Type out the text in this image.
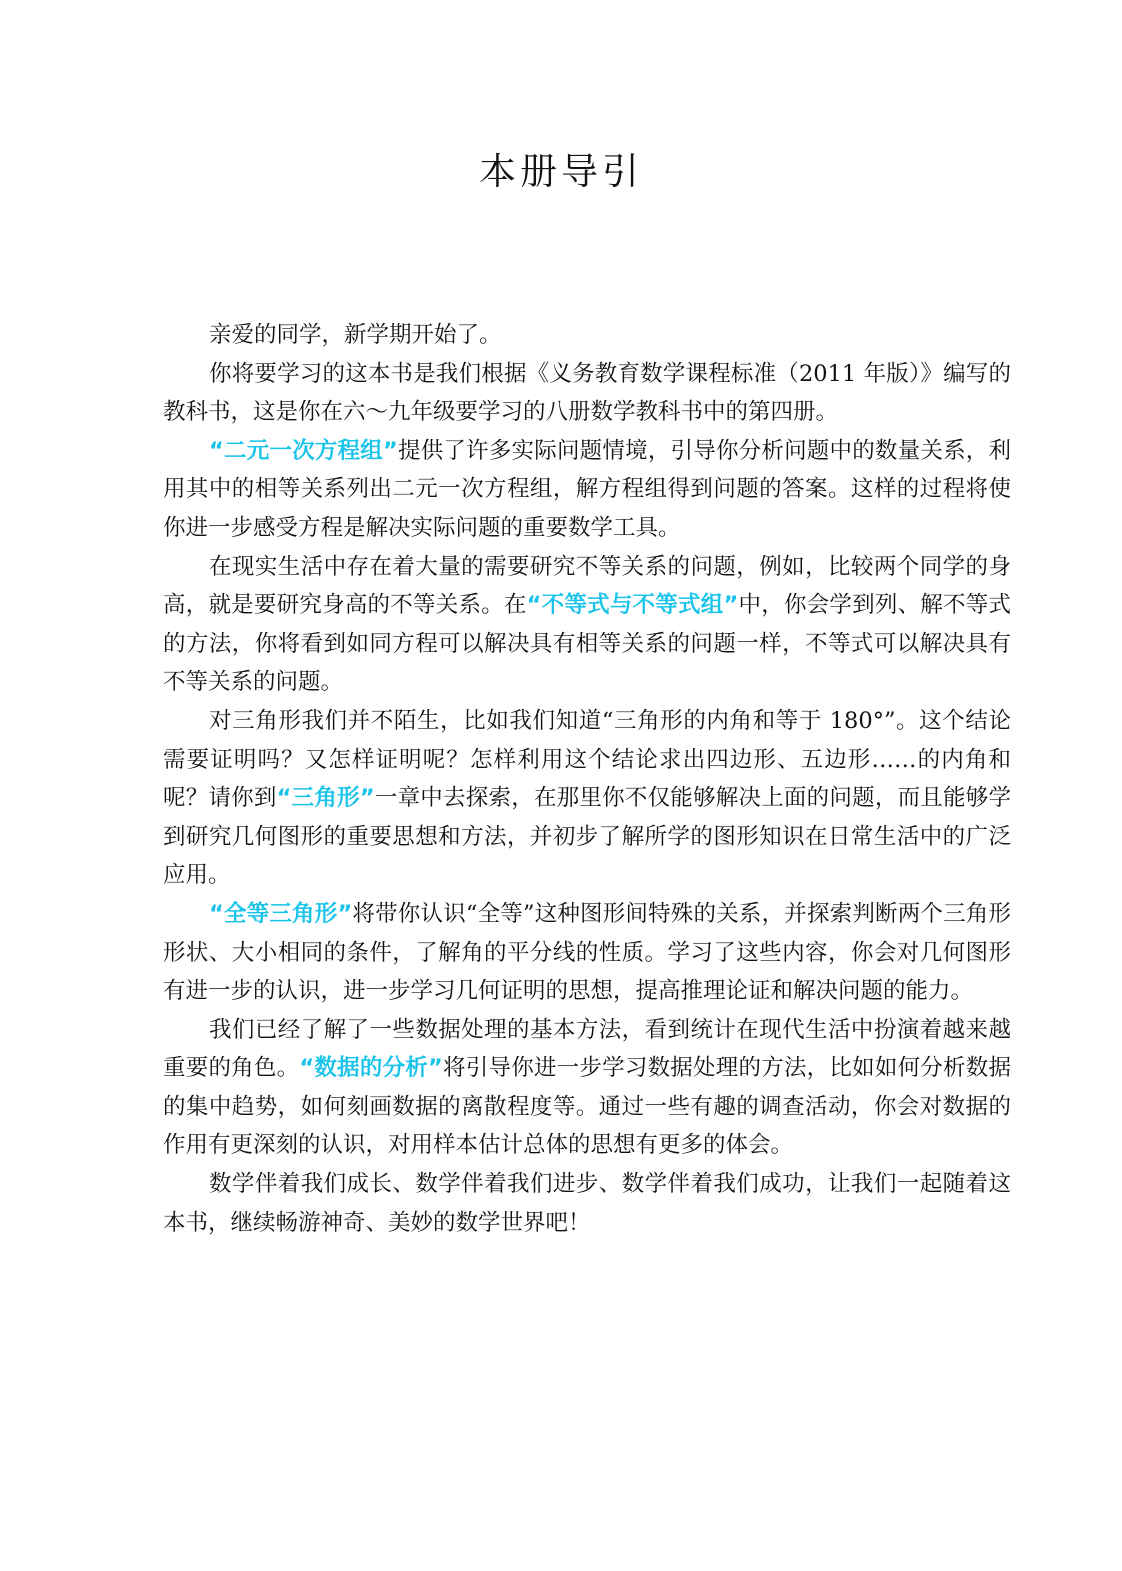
本册导引

亲爱的同学，新学期开始了。

你将要学习的这本书是我们根据《义务教育数学课程标准（2011 年版）》编写的教科书，这是你在六～九年级要学习的八册数学教科书中的第四册。

“二元一次方程组”提供了许多实际问题情境，引导你分析问题中的数量关系，利用其中的相等关系列出二元一次方程组，解方程组得到问题的答案。这样的过程将使你进一步感受方程是解决实际问题的重要数学工具。

在现实生活中存在着大量的需要研究不等关系的问题，例如，比较两个同学的身高，就是要研究身高的不等关系。在“不等式与不等式组”中，你会学到列、解不等式的方法，你将看到如同方程可以解决具有相等关系的问题一样，不等式可以解决具有不等关系的问题。

对三角形我们并不陌生，比如我们知道“三角形的内角和等于 180°”。这个结论需要证明吗？又怎样证明呢？怎样利用这个结论求出四边形、五边形……的内角和呢？请你到“三角形”一章中去探索，在那里你不仅能够解决上面的问题，而且能够学到研究几何图形的重要思想和方法，并初步了解所学的图形知识在日常生活中的广泛应用。

“全等三角形”将带你认识“全等”这种图形间特殊的关系，并探索判断两个三角形形状、大小相同的条件，了解角的平分线的性质。学习了这些内容，你会对几何图形有进一步的认识，进一步学习几何证明的思想，提高推理论证和解决问题的能力。

我们已经了解了一些数据处理的基本方法，看到统计在现代生活中扮演着越来越重要的角色。“数据的分析”将引导你进一步学习数据处理的方法，比如如何分析数据的集中趋势，如何刻画数据的离散程度等。通过一些有趣的调查活动，你会对数据的作用有更深刻的认识，对用样本估计总体的思想有更多的体会。

数学伴着我们成长、数学伴着我们进步、数学伴着我们成功，让我们一起随着这本书，继续畅游神奇、美妙的数学世界吧！
